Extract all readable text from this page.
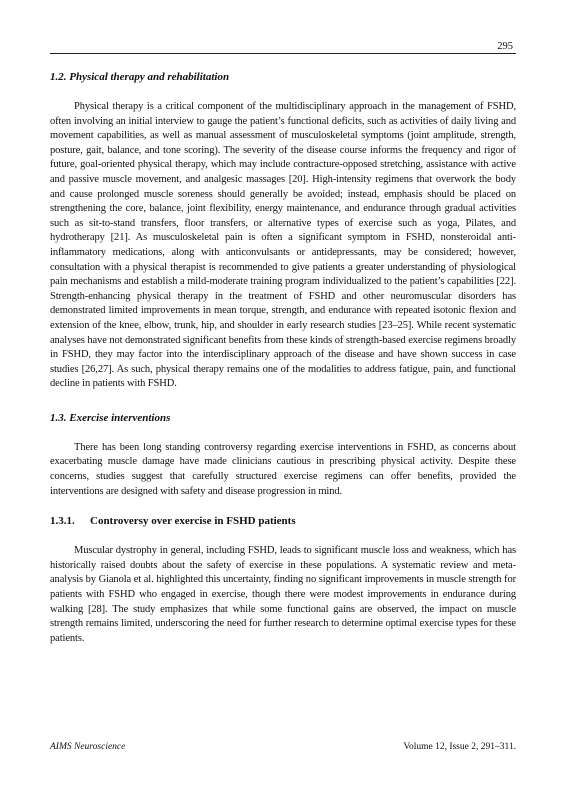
295
1.2. Physical therapy and rehabilitation

Physical therapy is a critical component of the multidisciplinary approach in the management of FSHD, often involving an initial interview to gauge the patient’s functional deficits, such as activities of daily living and movement capabilities, as well as manual assessment of musculoskeletal symptoms (joint amplitude, strength, posture, gait, balance, and tone scoring). The severity of the disease course informs the frequency and rigor of future, goal-oriented physical therapy, which may include contracture-opposed stretching, assistance with active and passive muscle movement, and analgesic massages [20]. High-intensity regimens that overwork the body and cause prolonged muscle soreness should generally be avoided; instead, emphasis should be placed on strengthening the core, balance, joint flexibility, energy maintenance, and endurance through gradual activities such as sit-to-stand transfers, floor transfers, or alternative types of exercise such as yoga, Pilates, and hydrotherapy [21]. As musculoskeletal pain is often a significant symptom in FSHD, nonsteroidal anti-inflammatory medications, along with anticonvulsants or antidepressants, may be considered; however, consultation with a physical therapist is recommended to give patients a greater understanding of physiological pain mechanisms and establish a mild-moderate training program individualized to the patient’s capabilities [22]. Strength-enhancing physical therapy in the treatment of FSHD and other neuromuscular disorders has demonstrated limited improvements in mean torque, strength, and endurance with repeated isotonic flexion and extension of the knee, elbow, trunk, hip, and shoulder in early research studies [23–25]. While recent systematic analyses have not demonstrated significant benefits from these kinds of strength-based exercise regimens broadly in FSHD, they may factor into the interdisciplinary approach of the disease and have shown success in case studies [26,27]. As such, physical therapy remains one of the modalities to address fatigue, pain, and functional decline in patients with FSHD.

1.3. Exercise interventions

There has been long standing controversy regarding exercise interventions in FSHD, as concerns about exacerbating muscle damage have made clinicians cautious in prescribing physical activity. Despite these concerns, studies suggest that carefully structured exercise regimens can offer benefits, provided the interventions are designed with safety and disease progression in mind.

1.3.1. Controversy over exercise in FSHD patients

Muscular dystrophy in general, including FSHD, leads to significant muscle loss and weakness, which has historically raised doubts about the safety of exercise in these populations. A systematic review and meta-analysis by Gianola et al. highlighted this uncertainty, finding no significant improvements in muscle strength for patients with FSHD who engaged in exercise, though there were modest improvements in endurance during walking [28]. The study emphasizes that while some functional gains are observed, the impact on muscle strength remains limited, underscoring the need for further research to determine optimal exercise types for these patients.

AIMS Neuroscience	Volume 12, Issue 2, 291–311.
